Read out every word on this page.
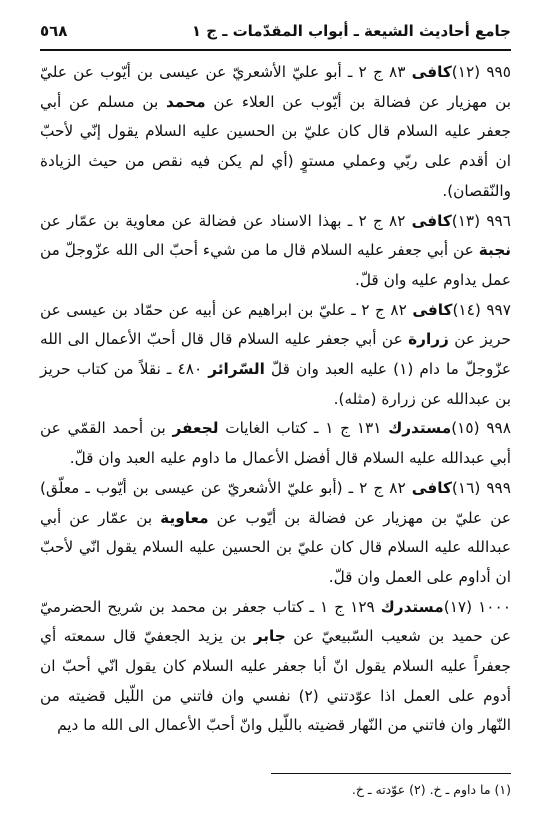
جامع أحاديث الشيعة ـ أبواب المقدّمات ـ ج ١
٥٦٨

٩٩٥ (١٢)كافى ٨٣ ج ٢ ـ أبو عليّ الأشعريّ عن عيسى بن أيّوب عن عليّ بن مهزيار عن فضالة بن أيّوب عن العلاء عن محمد بن مسلم عن أبي جعفر عليه السلام قال كان عليّ بن الحسين عليه السلام يقول إنّي لأحبّ ان أقدم على ربّي وعملي مستوٍ (أي لم يكن فيه نقص من حيث الزيادة والنّقصان).

٩٩٦ (١٣)كافى ٨٢ ج ٢ ـ بهذا الاسناد عن فضالة عن معاوية بن عمّار عن نجبة عن أبي جعفر عليه السلام قال ما من شيء أحبّ الى الله عزّوجلّ من عمل يداوم عليه وان قلّ.

٩٩٧ (١٤)كافى ٨٢ ج ٢ ـ عليّ بن ابراهيم عن أبيه عن حمّاد بن عيسى عن حريز عن زرارة عن أبي جعفر عليه السلام قال قال أحبّ الأعمال الى الله عزّوجلّ ما دام (١) عليه العبد وان قلّ السّرائر ٤٨٠ ـ نقلاً من كتاب حريز بن عبدالله عن زرارة (مثله).

٩٩٨ (١٥)مستدرك ١٣١ ج ١ ـ كتاب الغايات لجعفر بن أحمد القمّي عن أبي عبدالله عليه السلام قال أفضل الأعمال ما داوم عليه العبد وان قلّ.

٩٩٩ (١٦)كافى ٨٢ ج ٢ ـ (أبو عليّ الأشعريّ عن عيسى بن أيّوب ـ معلّق) عن عليّ بن مهزيار عن فضالة بن أيّوب عن معاوية بن عمّار عن أبي عبدالله عليه السلام قال كان عليّ بن الحسين عليه السلام يقول انّي لأحبّ ان أداوم على العمل وان قلّ.

١٠٠٠ (١٧)مستدرك ١٢٩ ج ١ ـ كتاب جعفر بن محمد بن شريح الحضرميّ عن حميد بن شعيب السّبيعيّ عن جابر بن يزيد الجعفيّ قال سمعته أي جعفراً عليه السلام يقول انّ أبا جعفر عليه السلام كان يقول انّي أحبّ ان أدوم على العمل اذا عوّدتني (٢) نفسي وان فاتني من اللّيل قضيته من النّهار وان فاتني من النّهار قضيته باللّيل وانّ أحبّ الأعمال الى الله ما ديم

(١) ما داوم ـ خ. (٢) عوّدته ـ خ.
